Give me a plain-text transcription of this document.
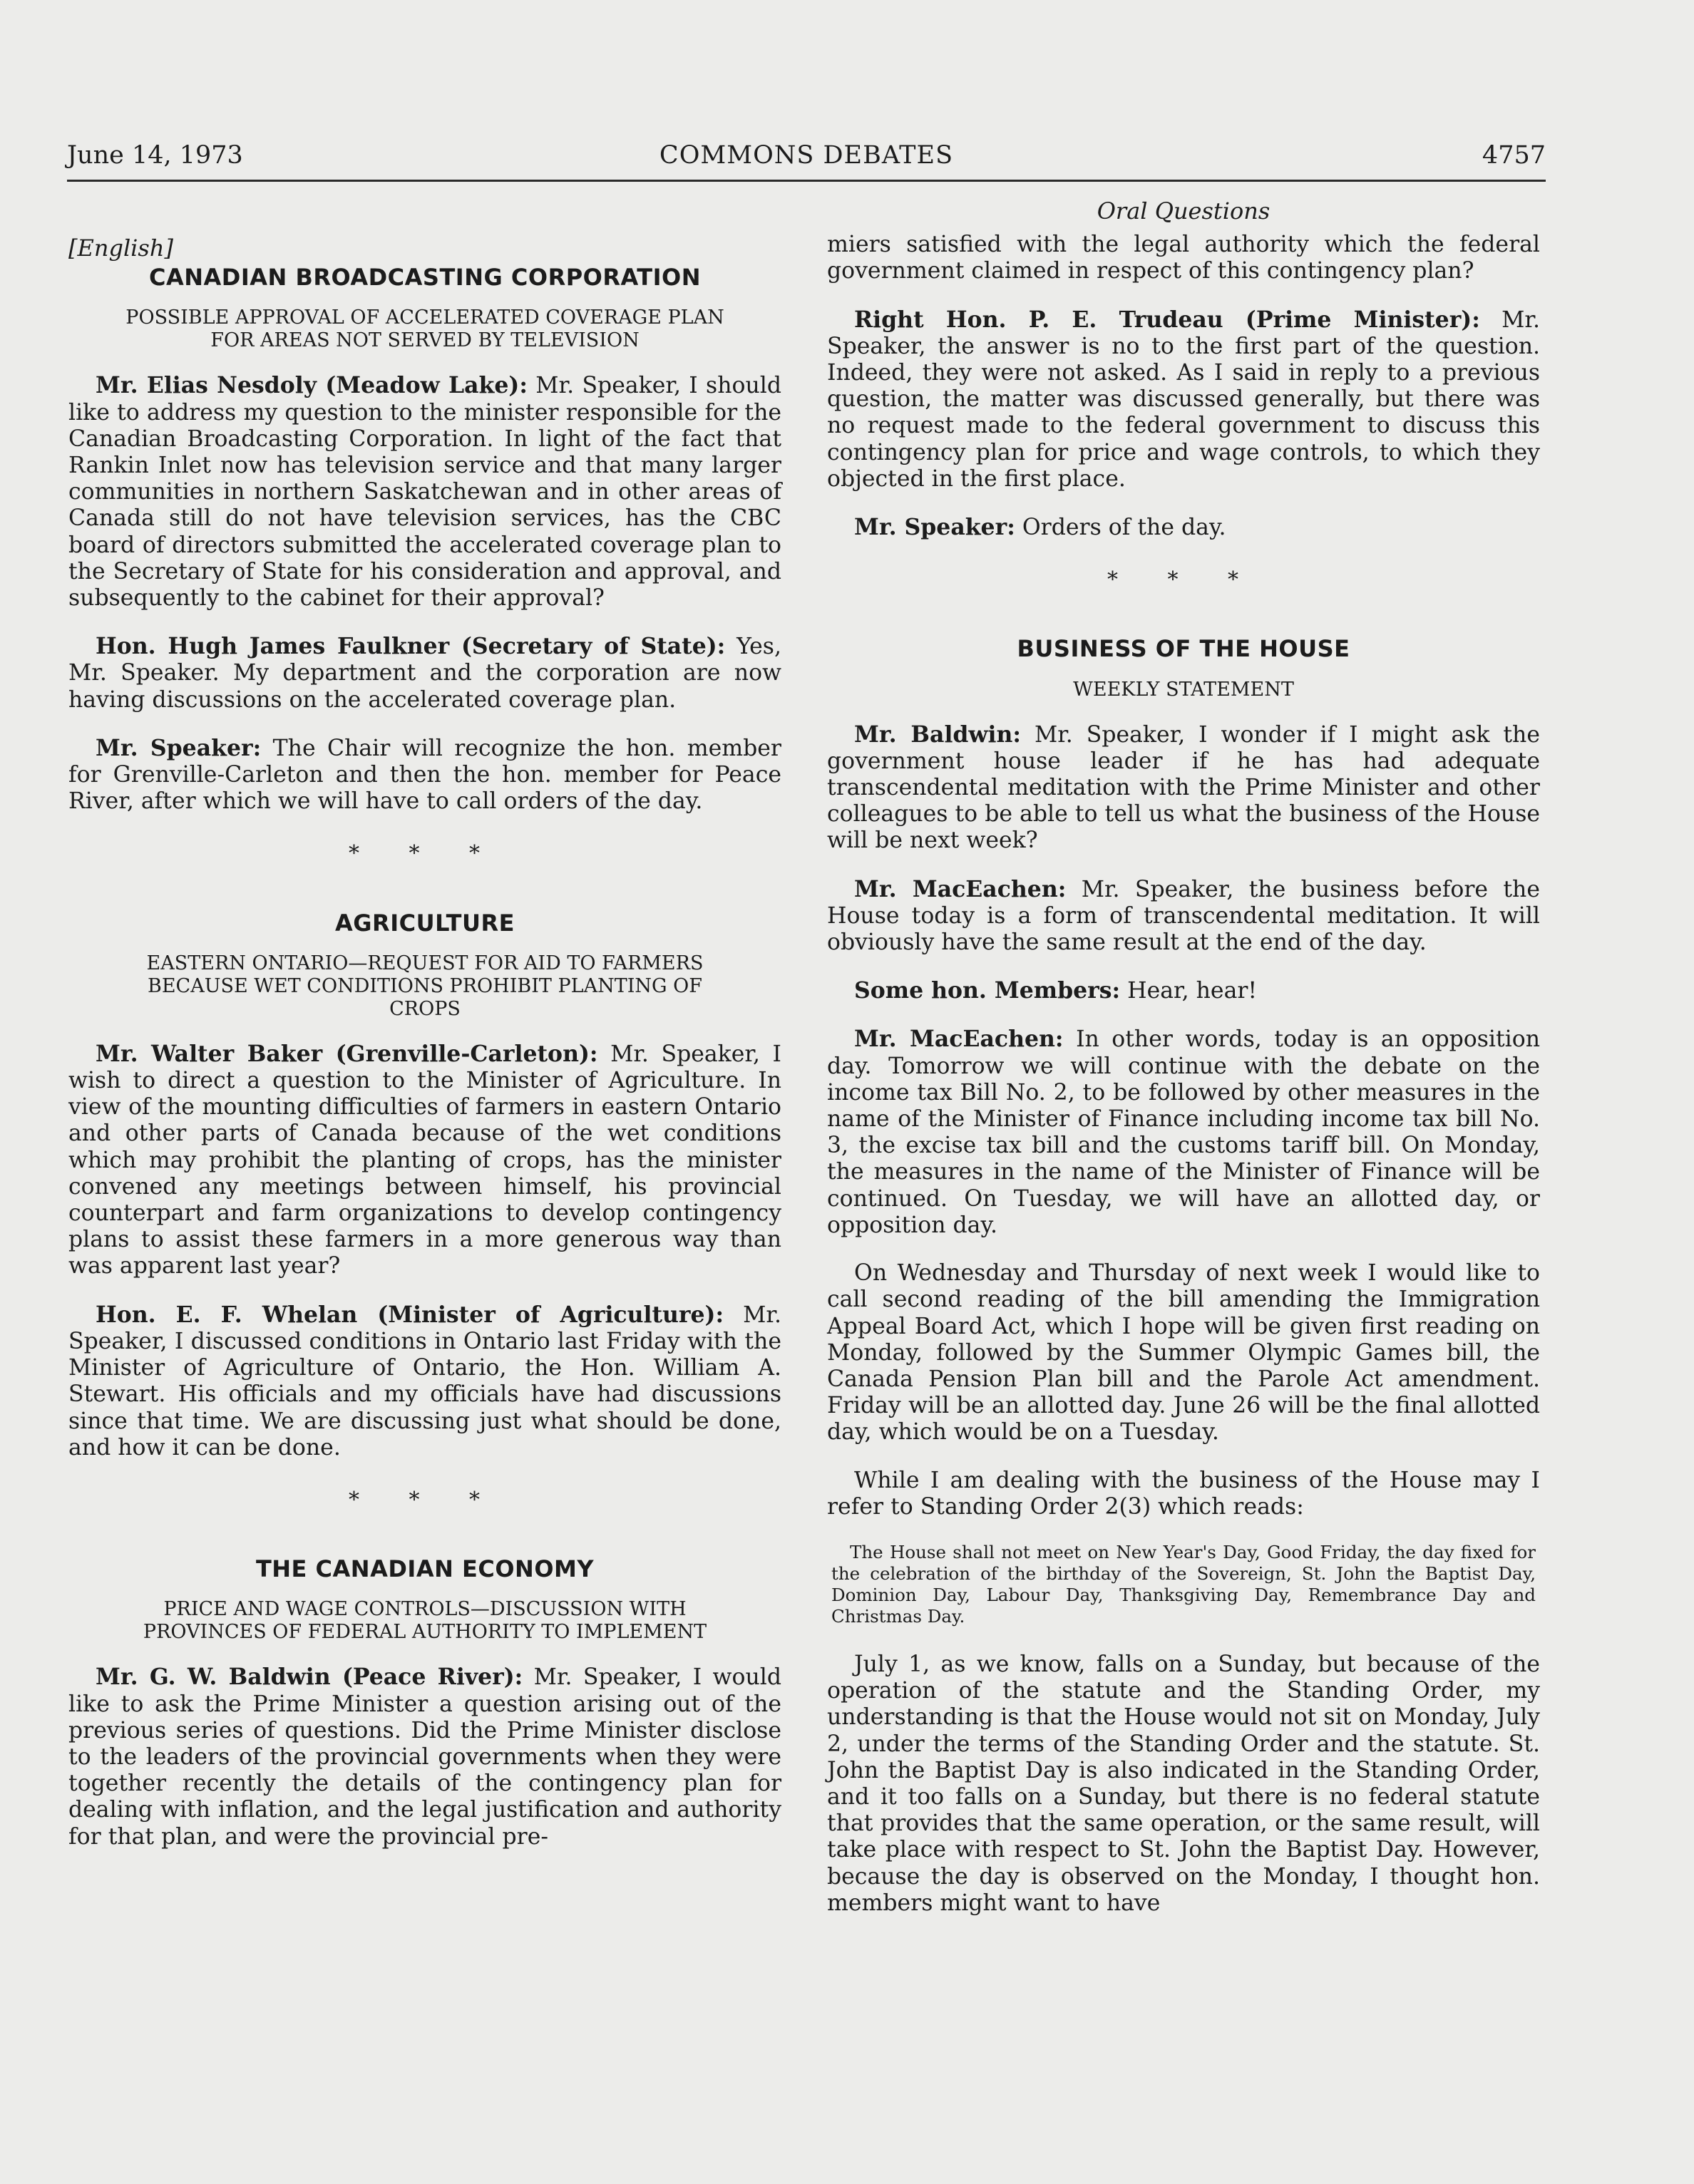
COMMONS DEBATES
June 14, 1973	4757
[English]
CANADIAN BROADCASTING CORPORATION
POSSIBLE APPROVAL OF ACCELERATED COVERAGE PLAN
FOR AREAS NOT SERVED BY TELEVISION

Mr. Elias Nesdoly (Meadow Lake): Mr. Speaker, I should like to address my question to the minister responsible for the Canadian Broadcasting Corporation. In light of the fact that Rankin Inlet now has television service and that many larger communities in northern Saskatchewan and in other areas of Canada still do not have television services, has the CBC board of directors submitted the accelerated coverage plan to the Secretary of State for his consideration and approval, and subsequently to the cabinet for their approval?

Hon. Hugh James Faulkner (Secretary of State): Yes, Mr. Speaker. My department and the corporation are now having discussions on the accelerated coverage plan.

Mr. Speaker: The Chair will recognize the hon. member for Grenville-Carleton and then the hon. member for Peace River, after which we will have to call orders of the day.

* * *
AGRICULTURE
EASTERN ONTARIO—REQUEST FOR AID TO FARMERS
BECAUSE WET CONDITIONS PROHIBIT PLANTING OF
CROPS

Mr. Walter Baker (Grenville-Carleton): Mr. Speaker, I wish to direct a question to the Minister of Agriculture. In view of the mounting difficulties of farmers in eastern Ontario and other parts of Canada because of the wet conditions which may prohibit the planting of crops, has the minister convened any meetings between himself, his provincial counterpart and farm organizations to develop contingency plans to assist these farmers in a more generous way than was apparent last year?

Hon. E. F. Whelan (Minister of Agriculture): Mr. Speaker, I discussed conditions in Ontario last Friday with the Minister of Agriculture of Ontario, the Hon. William A. Stewart. His officials and my officials have had discussions since that time. We are discussing just what should be done, and how it can be done.

* * *
THE CANADIAN ECONOMY
PRICE AND WAGE CONTROLS—DISCUSSION WITH
PROVINCES OF FEDERAL AUTHORITY TO IMPLEMENT

Mr. G. W. Baldwin (Peace River): Mr. Speaker, I would like to ask the Prime Minister a question arising out of the previous series of questions. Did the Prime Minister disclose to the leaders of the provincial governments when they were together recently the details of the contingency plan for dealing with inflation, and the legal justification and authority for that plan, and were the provincial pre-

Oral Questions

miers satisfied with the legal authority which the federal government claimed in respect of this contingency plan?

Right Hon. P. E. Trudeau (Prime Minister): Mr. Speaker, the answer is no to the first part of the question. Indeed, they were not asked. As I said in reply to a previous question, the matter was discussed generally, but there was no request made to the federal government to discuss this contingency plan for price and wage controls, to which they objected in the first place.

Mr. Speaker: Orders of the day.

* * *
BUSINESS OF THE HOUSE
WEEKLY STATEMENT

Mr. Baldwin: Mr. Speaker, I wonder if I might ask the government house leader if he has had adequate transcendental meditation with the Prime Minister and other colleagues to be able to tell us what the business of the House will be next week?

Mr. MacEachen: Mr. Speaker, the business before the House today is a form of transcendental meditation. It will obviously have the same result at the end of the day.

Some hon. Members: Hear, hear!

Mr. MacEachen: In other words, today is an opposition day. Tomorrow we will continue with the debate on the income tax Bill No. 2, to be followed by other measures in the name of the Minister of Finance including income tax bill No. 3, the excise tax bill and the customs tariff bill. On Monday, the measures in the name of the Minister of Finance will be continued. On Tuesday, we will have an allotted day, or opposition day.

On Wednesday and Thursday of next week I would like to call second reading of the bill amending the Immigration Appeal Board Act, which I hope will be given first reading on Monday, followed by the Summer Olympic Games bill, the Canada Pension Plan bill and the Parole Act amendment. Friday will be an allotted day. June 26 will be the final allotted day, which would be on a Tuesday.

While I am dealing with the business of the House may I refer to Standing Order 2(3) which reads:

The House shall not meet on New Year's Day, Good Friday, the day fixed for the celebration of the birthday of the Sovereign, St. John the Baptist Day, Dominion Day, Labour Day, Thanksgiving Day, Remembrance Day and Christmas Day.

July 1, as we know, falls on a Sunday, but because of the operation of the statute and the Standing Order, my understanding is that the House would not sit on Monday, July 2, under the terms of the Standing Order and the statute. St. John the Baptist Day is also indicated in the Standing Order, and it too falls on a Sunday, but there is no federal statute that provides that the same operation, or the same result, will take place with respect to St. John the Baptist Day. However, because the day is observed on the Monday, I thought hon. members might want to have
